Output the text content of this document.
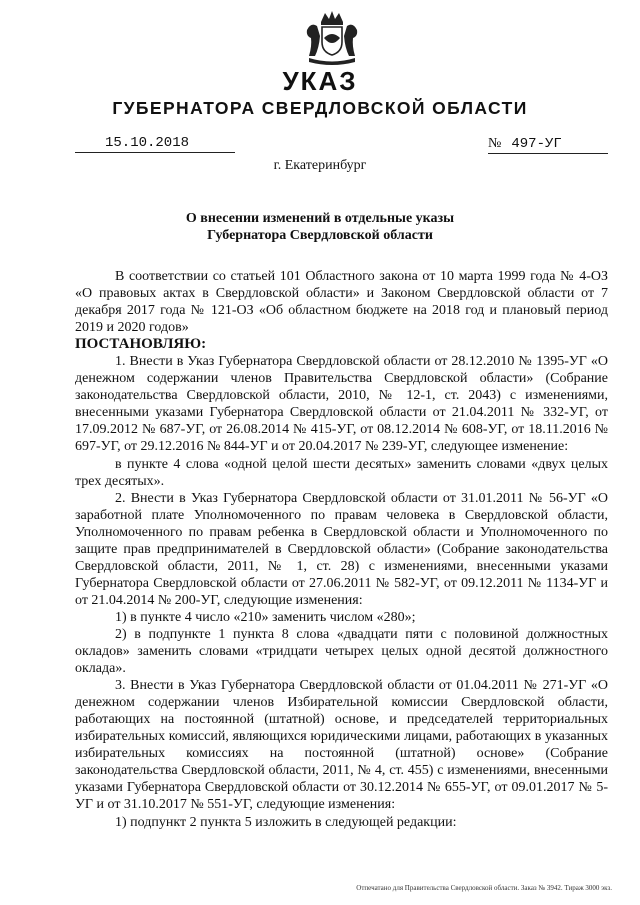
УКАЗ
ГУБЕРНАТОРА СВЕРДЛОВСКОЙ ОБЛАСТИ
15.10.2018	№ 497-УГ
г. Екатеринбург
О внесении изменений в отдельные указы
Губернатора Свердловской области

В соответствии со статьей 101 Областного закона от 10 марта 1999 года № 4-ОЗ «О правовых актах в Свердловской области» и Законом Свердловской области от 7 декабря 2017 года № 121-ОЗ «Об областном бюджете на 2018 год и плановый период 2019 и 2020 годов»

ПОСТАНОВЛЯЮ:

1. Внести в Указ Губернатора Свердловской области от 28.12.2010 № 1395-УГ «О денежном содержании членов Правительства Свердловской области» (Собрание законодательства Свердловской области, 2010, № 12-1, ст. 2043) с изменениями, внесенными указами Губернатора Свердловской области от 21.04.2011 № 332-УГ, от 17.09.2012 № 687-УГ, от 26.08.2014 № 415-УГ, от 08.12.2014 № 608-УГ, от 18.11.2016 № 697-УГ, от 29.12.2016 № 844-УГ и от 20.04.2017 № 239-УГ, следующее изменение:

в пункте 4 слова «одной целой шести десятых» заменить словами «двух целых трех десятых».

2. Внести в Указ Губернатора Свердловской области от 31.01.2011 № 56-УГ «О заработной плате Уполномоченного по правам человека в Свердловской области, Уполномоченного по правам ребенка в Свердловской области и Уполномоченного по защите прав предпринимателей в Свердловской области» (Собрание законодательства Свердловской области, 2011, № 1, ст. 28) с изменениями, внесенными указами Губернатора Свердловской области от 27.06.2011 № 582-УГ, от 09.12.2011 № 1134-УГ и от 21.04.2014 № 200-УГ, следующие изменения:

1) в пункте 4 число «210» заменить числом «280»;

2) в подпункте 1 пункта 8 слова «двадцати пяти с половиной должностных окладов» заменить словами «тридцати четырех целых одной десятой должностного оклада».

3. Внести в Указ Губернатора Свердловской области от 01.04.2011 № 271-УГ «О денежном содержании членов Избирательной комиссии Свердловской области, работающих на постоянной (штатной) основе, и председателей территориальных избирательных комиссий, являющихся юридическими лицами, работающих в указанных избирательных комиссиях на постоянной (штатной) основе» (Собрание законодательства Свердловской области, 2011, № 4, ст. 455) с изменениями, внесенными указами Губернатора Свердловской области от 30.12.2014 № 655-УГ, от 09.01.2017 № 5-УГ и от 31.10.2017 № 551-УГ, следующие изменения:

1) подпункт 2 пункта 5 изложить в следующей редакции:

Отпечатано для Правительства Свердловской области. Заказ № 3942. Тираж 3000 экз.
